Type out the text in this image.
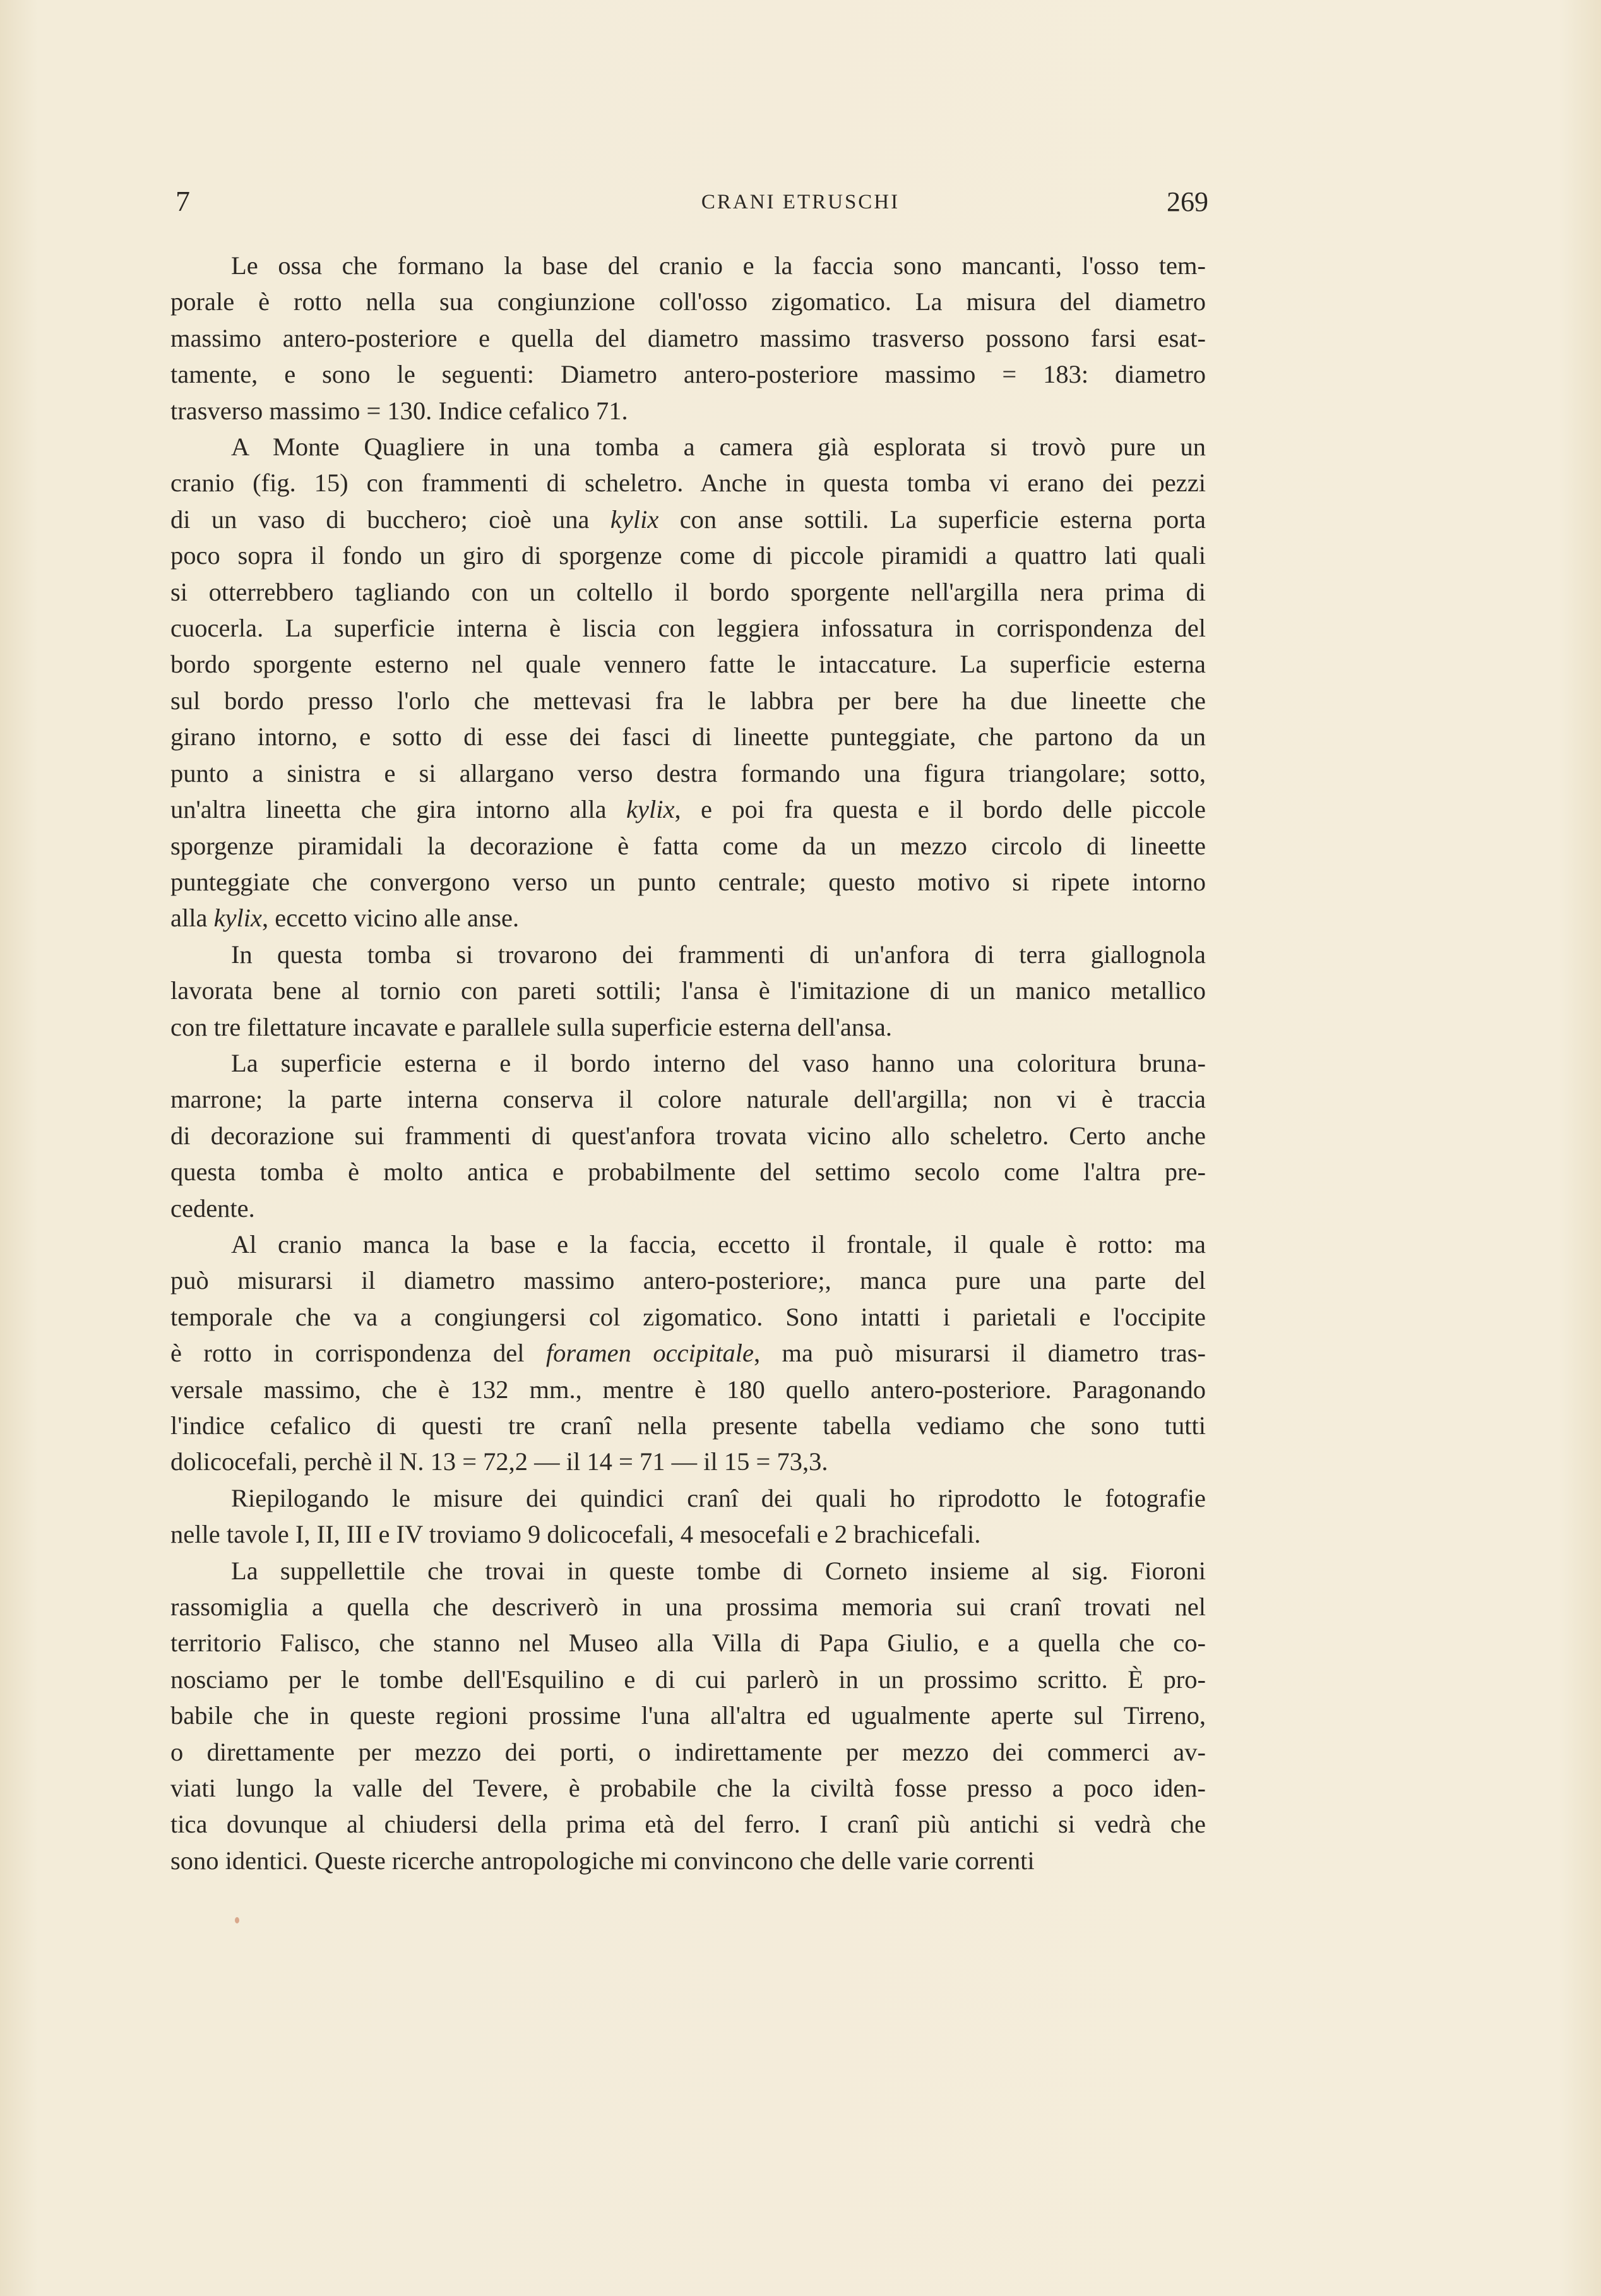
7	CRANI ETRUSCHI	269

Le ossa che formano la base del cranio e la faccia sono mancanti, l'osso tem-
porale è rotto nella sua congiunzione coll'osso zigomatico. La misura del diametro
massimo antero-posteriore e quella del diametro massimo trasverso possono farsi esat-
tamente, e sono le seguenti: Diametro antero-posteriore massimo = 183: diametro
trasverso massimo = 130. Indice cefalico 71.

A Monte Quagliere in una tomba a camera già esplorata si trovò pure un
cranio (fig. 15) con frammenti di scheletro. Anche in questa tomba vi erano dei pezzi
di un vaso di bucchero; cioè una kylix con anse sottili. La superficie esterna porta
poco sopra il fondo un giro di sporgenze come di piccole piramidi a quattro lati quali
si otterrebbero tagliando con un coltello il bordo sporgente nell'argilla nera prima di
cuocerla. La superficie interna è liscia con leggiera infossatura in corrispondenza del
bordo sporgente esterno nel quale vennero fatte le intaccature. La superficie esterna
sul bordo presso l'orlo che mettevasi fra le labbra per bere ha due lineette che
girano intorno, e sotto di esse dei fasci di lineette punteggiate, che partono da un
punto a sinistra e si allargano verso destra formando una figura triangolare; sotto,
un'altra lineetta che gira intorno alla kylix, e poi fra questa e il bordo delle piccole
sporgenze piramidali la decorazione è fatta come da un mezzo circolo di lineette
punteggiate che convergono verso un punto centrale; questo motivo si ripete intorno
alla kylix, eccetto vicino alle anse.

In questa tomba si trovarono dei frammenti di un'anfora di terra giallognola
lavorata bene al tornio con pareti sottili; l'ansa è l'imitazione di un manico metallico
con tre filettature incavate e parallele sulla superficie esterna dell'ansa.

La superficie esterna e il bordo interno del vaso hanno una coloritura bruna-
marrone; la parte interna conserva il colore naturale dell'argilla; non vi è traccia
di decorazione sui frammenti di quest'anfora trovata vicino allo scheletro. Certo anche
questa tomba è molto antica e probabilmente del settimo secolo come l'altra pre-
cedente.

Al cranio manca la base e la faccia, eccetto il frontale, il quale è rotto: ma
può misurarsi il diametro massimo antero-posteriore;, manca pure una parte del
temporale che va a congiungersi col zigomatico. Sono intatti i parietali e l'occipite
è rotto in corrispondenza del foramen occipitale, ma può misurarsi il diametro tras-
versale massimo, che è 132 mm., mentre è 180 quello antero-posteriore. Paragonando
l'indice cefalico di questi tre cranî nella presente tabella vediamo che sono tutti
dolicocefali, perchè il N. 13 = 72,2 — il 14 = 71 — il 15 = 73,3.

Riepilogando le misure dei quindici cranî dei quali ho riprodotto le fotografie
nelle tavole I, II, III e IV troviamo 9 dolicocefali, 4 mesocefali e 2 brachicefali.

La suppellettile che trovai in queste tombe di Corneto insieme al sig. Fioroni
rassomiglia a quella che descriverò in una prossima memoria sui cranî trovati nel
territorio Falisco, che stanno nel Museo alla Villa di Papa Giulio, e a quella che co-
nosciamo per le tombe dell'Esquilino e di cui parlerò in un prossimo scritto. È pro-
babile che in queste regioni prossime l'una all'altra ed ugualmente aperte sul Tirreno,
o direttamente per mezzo dei porti, o indirettamente per mezzo dei commerci av-
viati lungo la valle del Tevere, è probabile che la civiltà fosse presso a poco iden-
tica dovunque al chiudersi della prima età del ferro. I cranî più antichi si vedrà che
sono identici. Queste ricerche antropologiche mi convincono che delle varie correnti
